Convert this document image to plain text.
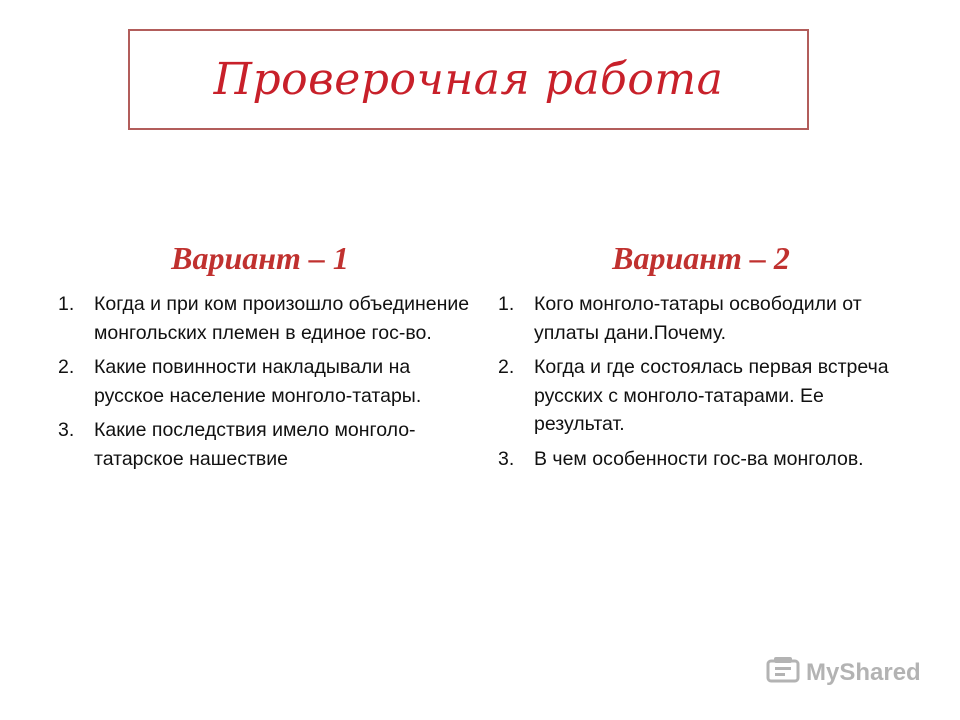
Проверочная работа
Вариант – 1	Вариант – 2
1.	Когда и при ком произошло объединение монгольских племен в единое гос-во.
2.	Какие повинности накладывали на русское население монголо-татары.
3.	Какие последствия имело монголо-татарское нашествие
1.	Кого монголо-татары освободили от уплаты дани.Почему.
2.	Когда и где состоялась первая встреча русских с монголо-татарами. Ее результат.
3.	В чем особенности гос-ва монголов.
MyShared
